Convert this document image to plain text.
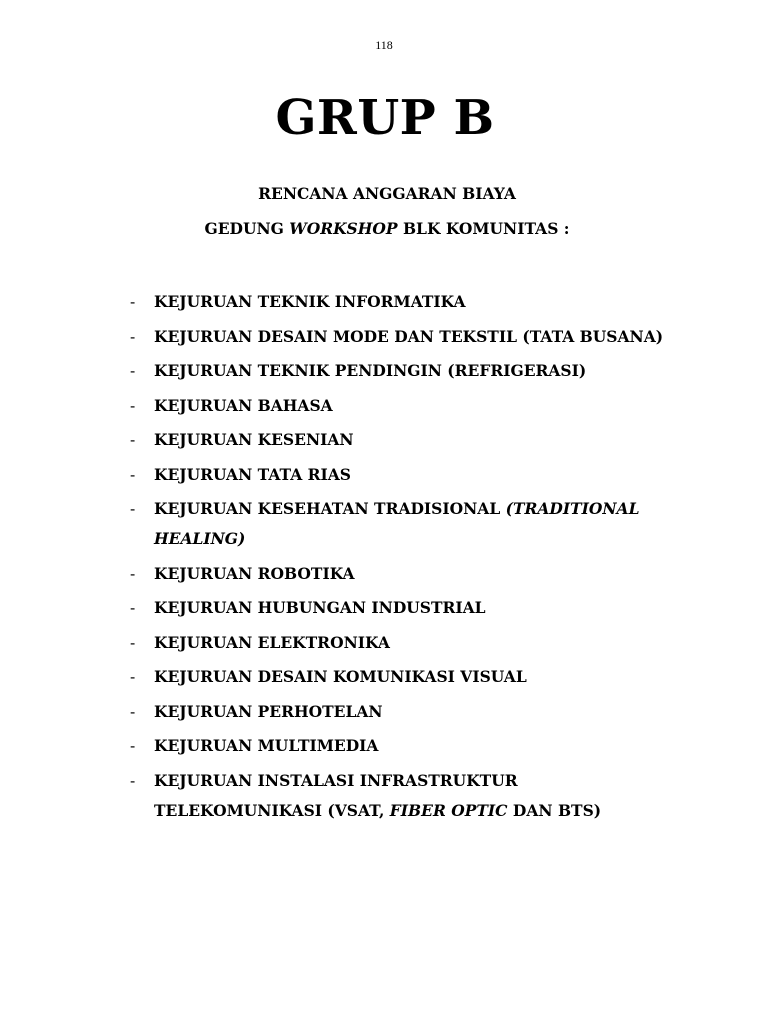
118
GRUP B
RENCANA ANGGARAN BIAYA
GEDUNG WORKSHOP BLK KOMUNITAS :
- KEJURUAN TEKNIK INFORMATIKA
- KEJURUAN DESAIN MODE DAN TEKSTIL (TATA BUSANA)
- KEJURUAN TEKNIK PENDINGIN (REFRIGERASI)
- KEJURUAN BAHASA
- KEJURUAN KESENIAN
- KEJURUAN TATA RIAS
- KEJURUAN KESEHATAN TRADISIONAL (TRADITIONAL HEALING)
- KEJURUAN ROBOTIKA
- KEJURUAN HUBUNGAN INDUSTRIAL
- KEJURUAN ELEKTRONIKA
- KEJURUAN DESAIN KOMUNIKASI VISUAL
- KEJURUAN PERHOTELAN
- KEJURUAN MULTIMEDIA
- KEJURUAN INSTALASI INFRASTRUKTUR TELEKOMUNIKASI (VSAT, FIBER OPTIC DAN BTS)
